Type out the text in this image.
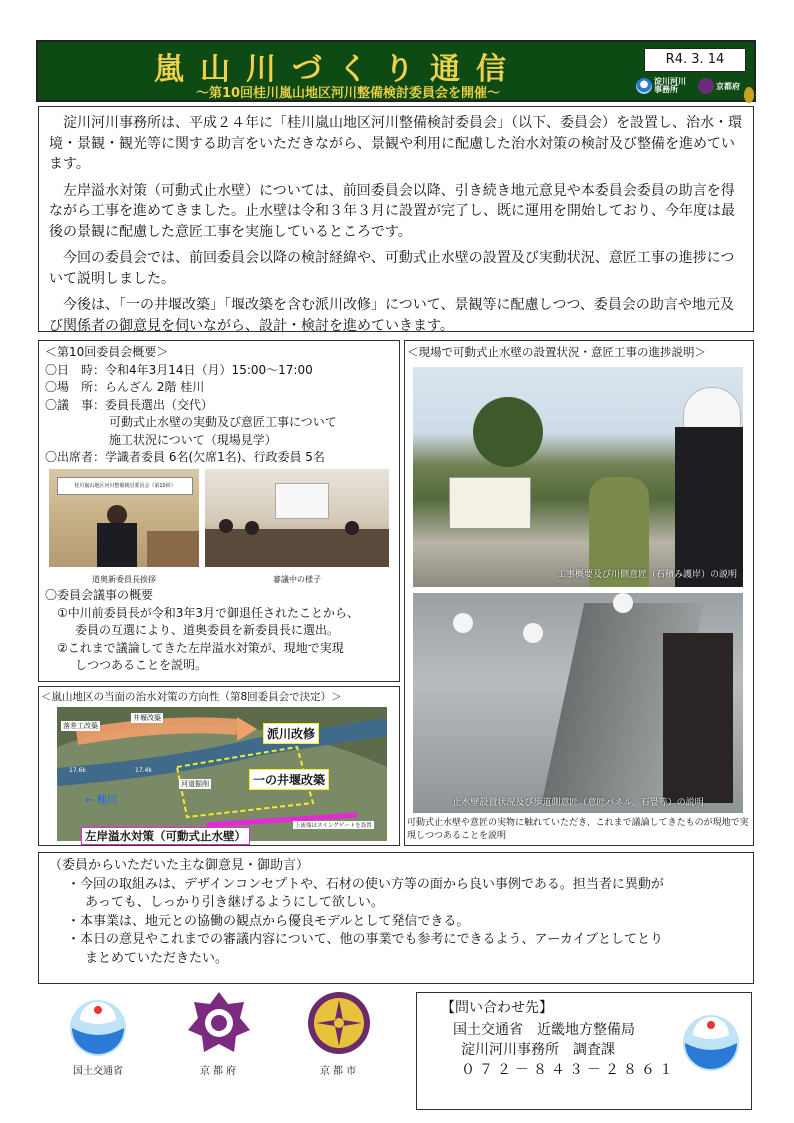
嵐山川づくり通信
～第10回桂川嵐山地区河川整備検討委員会を開催～
R4. 3. 14
淀川河川事務所	京都府 京都市

淀川河川事務所は、平成２４年に「桂川嵐山地区河川整備検討委員会」（以下、委員会）を設置し、治水・環境・景観・観光等に関する助言をいただきながら、景観や利用に配慮した治水対策の検討及び整備を進めています。

左岸溢水対策（可動式止水壁）については、前回委員会以降、引き続き地元意見や本委員会委員の助言を得ながら工事を進めてきました。止水壁は令和３年３月に設置が完了し、既に運用を開始しており、今年度は最後の景観に配慮した意匠工事を実施しているところです。

今回の委員会では、前回委員会以降の検討経緯や、可動式止水壁の設置及び実動状況、意匠工事の進捗について説明しました。

今後は、「一の井堰改築」「堰改築を含む派川改修」について、景観等に配慮しつつ、委員会の助言や地元及び関係者の御意見を伺いながら、設計・検討を進めていきます。

＜第10回委員会概要＞
〇日　時：令和4年3月14日（月）15:00～17:00
〇場　所：らんざん 2階 桂川
〇議　事：委員長選出（交代）
可動式止水壁の実動及び意匠工事について
施工状況について（現場見学）
〇出席者：学識者委員 6名(欠席1名)、行政委員 5名
桂川嵐山地区河川整備検討委員会（第10回）
道奥新委員長挨拶	審議中の様子
〇委員会議事の概要
①中川前委員長が令和3年3月で御退任されたことから、
委員の互選により、道奥委員を新委員長に選出。
②これまで議論してきた左岸溢水対策が、現地で実現
しつつあることを説明。
＜現場で可動式止水壁の設置状況・意匠工事の進捗説明＞
工事概要及び川側意匠（石積み護岸）の説明
止水壁設置状況及び歩道側意匠（意匠パネル、石畳等）の説明
可動式止水壁や意匠の実物に触れていただき、これまで議論してきたものが現地で実現しつつあることを説明
＜嵐山地区の当面の治水対策の方向性（第8回委員会で決定）＞
落差工改築
井堰改築
派川改修
一の井堰改築
河道掘削
← 桂川
17.6k	17.4k
上流端はスイングゲートを設置
左岸溢水対策（可動式止水壁）
（委員からいただいた主な御意見・御助言）
・今回の取組みは、デザインコンセプトや、石材の使い方等の面から良い事例である。担当者に異動が
あっても、しっかり引き継げるようにして欲しい。
・本事業は、地元との協働の観点から優良モデルとして発信できる。
・本日の意見やこれまでの審議内容について、他の事業でも参考にできるよう、アーカイブとしてとり
まとめていただきたい。
国土交通省	京 都 府	京 都 市
【問い合わせ先】
国土交通省　近畿地方整備局
淀川河川事務所　調査課
０７２－８４３－２８６１
